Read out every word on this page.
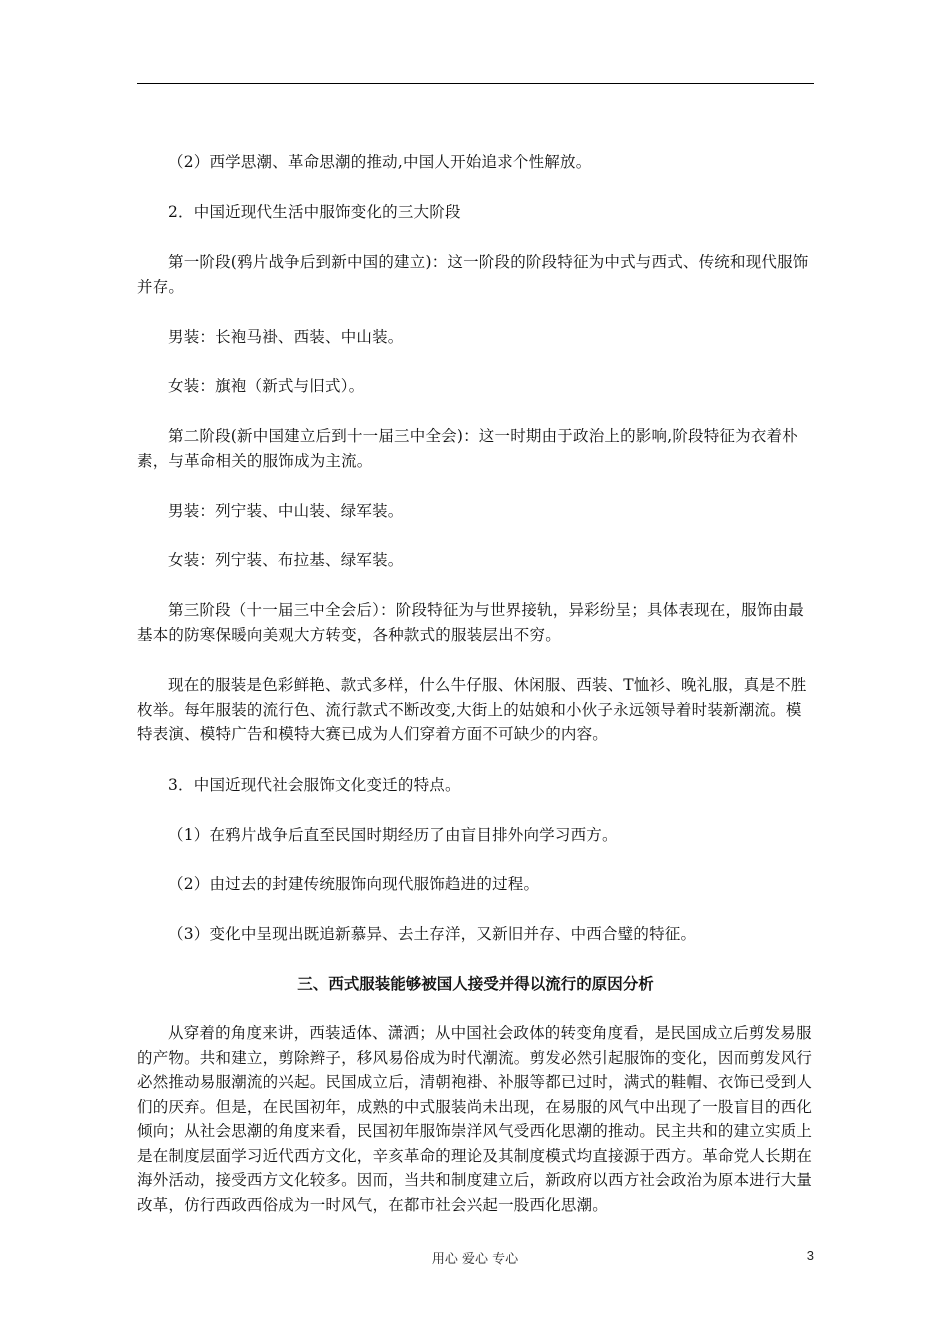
（2）西学思潮、革命思潮的推动,中国人开始追求个性解放。

2．中国近现代生活中服饰变化的三大阶段

第一阶段(鸦片战争后到新中国的建立)：这一阶段的阶段特征为中式与西式、传统和现代服饰并存。

男装：长袍马褂、西装、中山装。

女装：旗袍（新式与旧式）。

第二阶段(新中国建立后到十一届三中全会)：这一时期由于政治上的影响,阶段特征为衣着朴素，与革命相关的服饰成为主流。

男装：列宁装、中山装、绿军装。

女装：列宁装、布拉基、绿军装。

第三阶段（十一届三中全会后）：阶段特征为与世界接轨，异彩纷呈；具体表现在，服饰由最基本的防寒保暖向美观大方转变，各种款式的服装层出不穷。

现在的服装是色彩鲜艳、款式多样，什么牛仔服、休闲服、西装、T恤衫、晚礼服，真是不胜枚举。每年服装的流行色、流行款式不断改变,大街上的姑娘和小伙子永远领导着时装新潮流。模特表演、模特广告和模特大赛已成为人们穿着方面不可缺少的内容。

3．中国近现代社会服饰文化变迁的特点。

（1）在鸦片战争后直至民国时期经历了由盲目排外向学习西方。

（2）由过去的封建传统服饰向现代服饰趋进的过程。

（3）变化中呈现出既追新慕异、去土存洋，又新旧并存、中西合璧的特征。

三、西式服装能够被国人接受并得以流行的原因分析

从穿着的角度来讲，西装适体、潇洒；从中国社会政体的转变角度看，是民国成立后剪发易服的产物。共和建立，剪除辫子，移风易俗成为时代潮流。剪发必然引起服饰的变化，因而剪发风行必然推动易服潮流的兴起。民国成立后，清朝袍褂、补服等都已过时，满式的鞋帽、衣饰已受到人们的厌弃。但是，在民国初年，成熟的中式服装尚未出现，在易服的风气中出现了一股盲目的西化倾向；从社会思潮的角度来看，民国初年服饰崇洋风气受西化思潮的推动。民主共和的建立实质上是在制度层面学习近代西方文化，辛亥革命的理论及其制度模式均直接源于西方。革命党人长期在海外活动，接受西方文化较多。因而，当共和制度建立后，新政府以西方社会政治为原本进行大量改革，仿行西政西俗成为一时风气，在都市社会兴起一股西化思潮。

用心 爱心 专心	3
